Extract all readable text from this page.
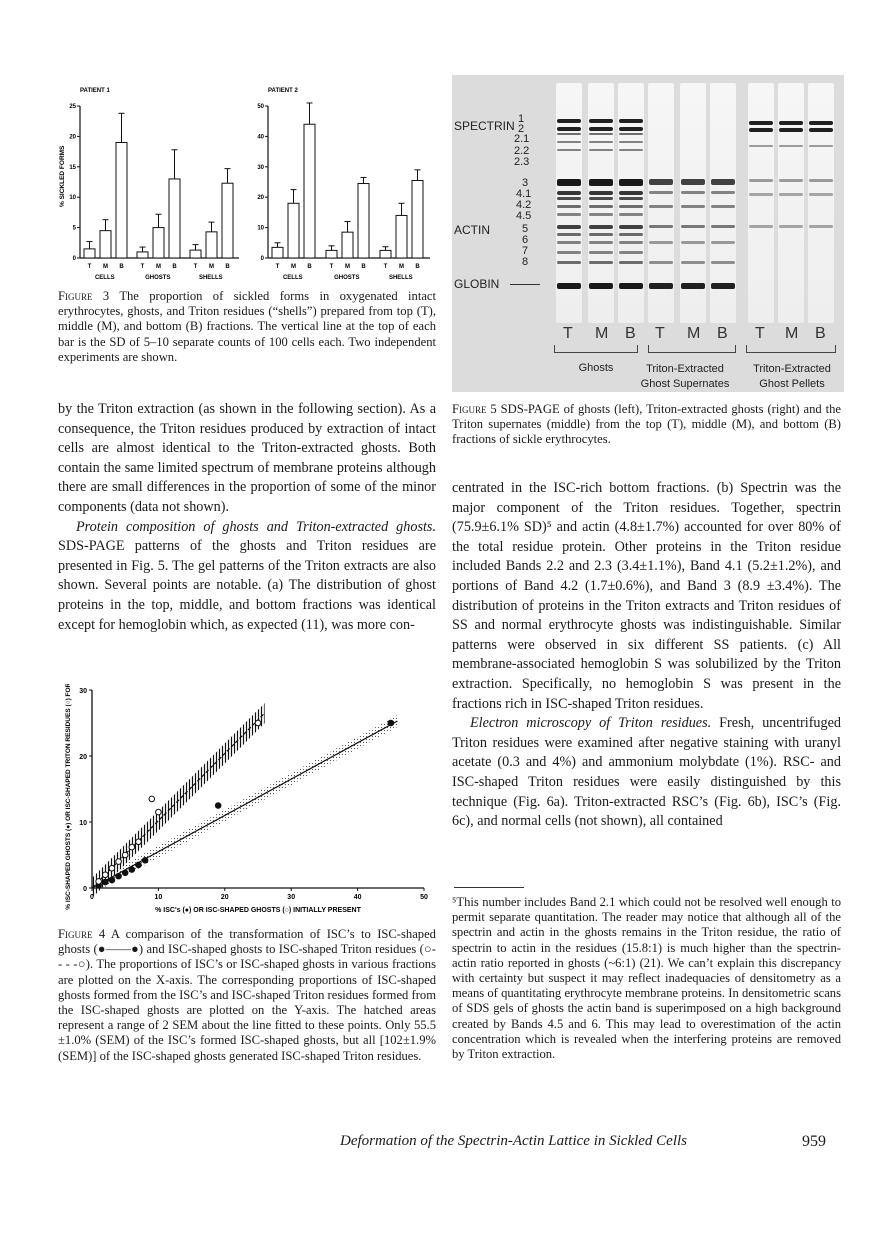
PATIENT 1
25
20
15
10
5
0
% SICKLED FORMS
T M B
CELLS
T M B
GHOSTS
T M B
SHELLS
PATIENT 2
50
40
30
20
10
0
T M B
CELLS
T M B
GHOSTS
T M B
SHELLS
Figure 3 The proportion of sickled forms in oxygenated intact erythrocytes, ghosts, and Triton residues (“shells”) prepared from top (T), middle (M), and bottom (B) fractions. The vertical line at the top of each bar is the SD of 5–10 separate counts of 100 cells each. Two independent experiments are shown.

by the Triton extraction (as shown in the following section). As a consequence, the Triton residues produced by extraction of intact cells are almost identical to the Triton-extracted ghosts. Both contain the same limited spectrum of membrane proteins although there are small differences in the proportion of some of the minor components (data not shown).

Protein composition of ghosts and Triton-extracted ghosts. SDS-PAGE patterns of the ghosts and Triton residues are presented in Fig. 5. The gel patterns of the Triton extracts are also shown. Several points are notable. (a) The distribution of ghost proteins in the top, middle, and bottom fractions was identical except for hemoglobin which, as expected (11), was more con-

SPECTRIN 1
2
2.1
2.2
2.3
3
4.1
4.2
4.5
ACTIN	5
6
7
8
GLOBIN
T M B T M B T M B
Ghosts	Triton-Extracted
Ghost Supernates
Triton-Extracted
Ghost Pellets
Figure 5 SDS-PAGE of ghosts (left), Triton-extracted ghosts (right) and the Triton supernates (middle) from the top (T), middle (M), and bottom (B) fractions of sickle erythrocytes.

centrated in the ISC-rich bottom fractions. (b) Spectrin was the major component of the Triton residues. Together, spectrin (75.9±6.1% SD)⁵ and actin (4.8±1.7%) accounted for over 80% of the total residue protein. Other proteins in the Triton residue included Bands 2.2 and 2.3 (3.4±1.1%), Band 4.1 (5.2±1.2%), and portions of Band 4.2 (1.7±0.6%), and Band 3 (8.9 ±3.4%). The distribution of proteins in the Triton extracts and Triton residues of SS and normal erythrocyte ghosts was indistinguishable. Similar patterns were observed in six different SS patients. (c) All membrane-associated hemoglobin S was solubilized by the Triton extraction. Specifically, no hemoglobin S was present in the fractions rich in ISC-shaped Triton residues.

Electron microscopy of Triton residues. Fresh, uncentrifuged Triton residues were examined after negative staining with uranyl acetate (0.3 and 4%) and ammonium molybdate (1%). RSC- and ISC-shaped Triton residues were easily distinguished by this technique (Fig. 6a). Triton-extracted RSC’s (Fig. 6b), ISC’s (Fig. 6c), and normal cells (not shown), all contained

30
20
10
0
0	10	20	30	40	50
% ISC's (●) OR ISC-SHAPED GHOSTS (○) INITIALLY PRESENT
% ISC-SHAPED GHOSTS (●) OR ISC-SHAPED TRITON RESIDUES (○) FORMED
Figure 4 A comparison of the transformation of ISC’s to ISC-shaped ghosts (●——●) and ISC-shaped ghosts to ISC-shaped Triton residues (○- - - -○). The proportions of ISC’s or ISC-shaped ghosts in various fractions are plotted on the X-axis. The corresponding proportions of ISC-shaped ghosts formed from the ISC’s and ISC-shaped Triton residues formed from the ISC-shaped ghosts are plotted on the Y-axis. The hatched areas represent a range of 2 SEM about the line fitted to these points. Only 55.5 ±1.0% (SEM) of the ISC’s formed ISC-shaped ghosts, but all [102±1.9% (SEM)] of the ISC-shaped ghosts generated ISC-shaped Triton residues.
⁵This number includes Band 2.1 which could not be resolved well enough to permit separate quantitation. The reader may notice that although all of the spectrin and actin in the ghosts remains in the Triton residue, the ratio of spectrin to actin in the residues (15.8:1) is much higher than the spectrin-actin ratio reported in ghosts (~6:1) (21). We can’t explain this discrepancy with certainty but suspect it may reflect inadequacies of densitometry as a means of quantitating erythrocyte membrane proteins. In densitometric scans of SDS gels of ghosts the actin band is superimposed on a high background created by Bands 4.5 and 6. This may lead to overestimation of the actin concentration which is revealed when the interfering proteins are removed by Triton extraction.
Deformation of the Spectrin-Actin Lattice in Sickled Cells	959
